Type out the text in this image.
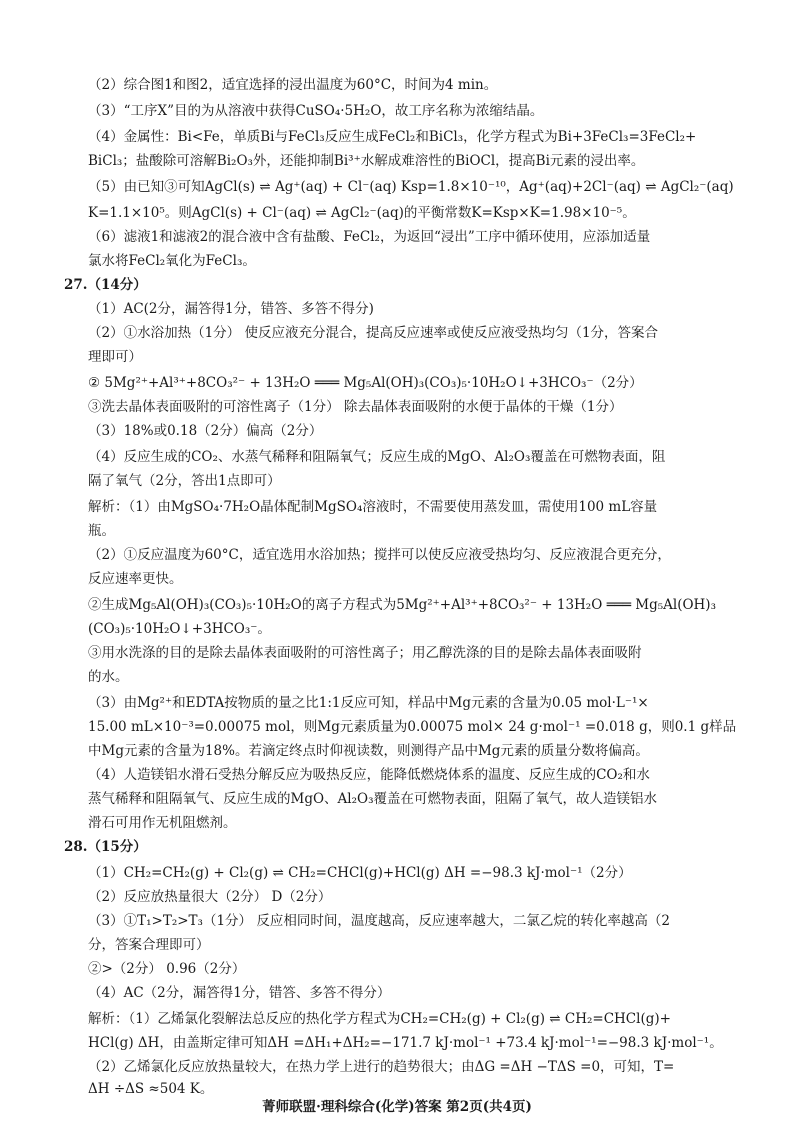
（2）综合图1和图2，适宜选择的浸出温度为60°C，时间为4 min。
（3）“工序X”目的为从溶液中获得CuSO₄·5H₂O，故工序名称为浓缩结晶。
（4）金属性：Bi<Fe，单质Bi与FeCl₃反应生成FeCl₂和BiCl₃，化学方程式为Bi+3FeCl₃=3FeCl₂+
BiCl₃；盐酸除可溶解Bi₂O₃外，还能抑制Bi³⁺水解成难溶性的BiOCl，提高Bi元素的浸出率。
（5）由已知③可知AgCl(s) ⇌ Ag⁺(aq) + Cl⁻(aq) Ksp=1.8×10⁻¹⁰，Ag⁺(aq)+2Cl⁻(aq) ⇌ AgCl₂⁻(aq)
K=1.1×10⁵。则AgCl(s) + Cl⁻(aq) ⇌ AgCl₂⁻(aq)的平衡常数K=Ksp×K=1.98×10⁻⁵。
（6）滤液1和滤液2的混合液中含有盐酸、FeCl₂，为返回“浸出”工序中循环使用，应添加适量
氯水将FeCl₂氧化为FeCl₃。
27.（14分）
（1）AC(2分，漏答得1分，错答、多答不得分)
（2）①水浴加热（1分） 使反应液充分混合，提高反应速率或使反应液受热均匀（1分，答案合
理即可）
② 5Mg²⁺+Al³⁺+8CO₃²⁻ + 13H₂O ═══ Mg₅Al(OH)₃(CO₃)₅·10H₂O↓+3HCO₃⁻（2分）
③洗去晶体表面吸附的可溶性离子（1分） 除去晶体表面吸附的水便于晶体的干燥（1分）
（3）18%或0.18（2分）偏高（2分）
（4）反应生成的CO₂、水蒸气稀释和阻隔氧气；反应生成的MgO、Al₂O₃覆盖在可燃物表面，阻
隔了氧气（2分，答出1点即可）
解析：（1）由MgSO₄·7H₂O晶体配制MgSO₄溶液时，不需要使用蒸发皿，需使用100 mL容量
瓶。
（2）①反应温度为60°C，适宜选用水浴加热；搅拌可以使反应液受热均匀、反应液混合更充分，
反应速率更快。
②生成Mg₅Al(OH)₃(CO₃)₅·10H₂O的离子方程式为5Mg²⁺+Al³⁺+8CO₃²⁻ + 13H₂O ═══ Mg₅Al(OH)₃
(CO₃)₅·10H₂O↓+3HCO₃⁻。
③用水洗涤的目的是除去晶体表面吸附的可溶性离子；用乙醇洗涤的目的是除去晶体表面吸附
的水。
（3）由Mg²⁺和EDTA按物质的量之比1:1反应可知，样品中Mg元素的含量为0.05 mol·L⁻¹×
15.00 mL×10⁻³=0.00075 mol，则Mg元素质量为0.00075 mol× 24 g·mol⁻¹ =0.018 g，则0.1 g样品
中Mg元素的含量为18%。若滴定终点时仰视读数，则测得产品中Mg元素的质量分数将偏高。
（4）人造镁铝水滑石受热分解反应为吸热反应，能降低燃烧体系的温度、反应生成的CO₂和水
蒸气稀释和阻隔氧气、反应生成的MgO、Al₂O₃覆盖在可燃物表面，阻隔了氧气，故人造镁铝水
滑石可用作无机阻燃剂。
28.（15分）
（1）CH₂=CH₂(g) + Cl₂(g) ⇌ CH₂=CHCl(g)+HCl(g) ΔH =−98.3 kJ·mol⁻¹（2分）
（2）反应放热量很大（2分） D（2分）
（3）①T₁>T₂>T₃（1分） 反应相同时间，温度越高，反应速率越大，二氯乙烷的转化率越高（2
分，答案合理即可）
②>（2分） 0.96（2分）
（4）AC（2分，漏答得1分，错答、多答不得分）
解析：（1）乙烯氯化裂解法总反应的热化学方程式为CH₂=CH₂(g) + Cl₂(g) ⇌ CH₂=CHCl(g)+
HCl(g) ΔH，由盖斯定律可知ΔH =ΔH₁+ΔH₂=−171.7 kJ·mol⁻¹ +73.4 kJ·mol⁻¹=−98.3 kJ·mol⁻¹。
（2）乙烯氯化反应放热量较大，在热力学上进行的趋势很大；由ΔG =ΔH −TΔS =0，可知，T=
ΔH ÷ΔS ≈504 K。
菁师联盟·理科综合(化学)答案 第2页(共4页)
